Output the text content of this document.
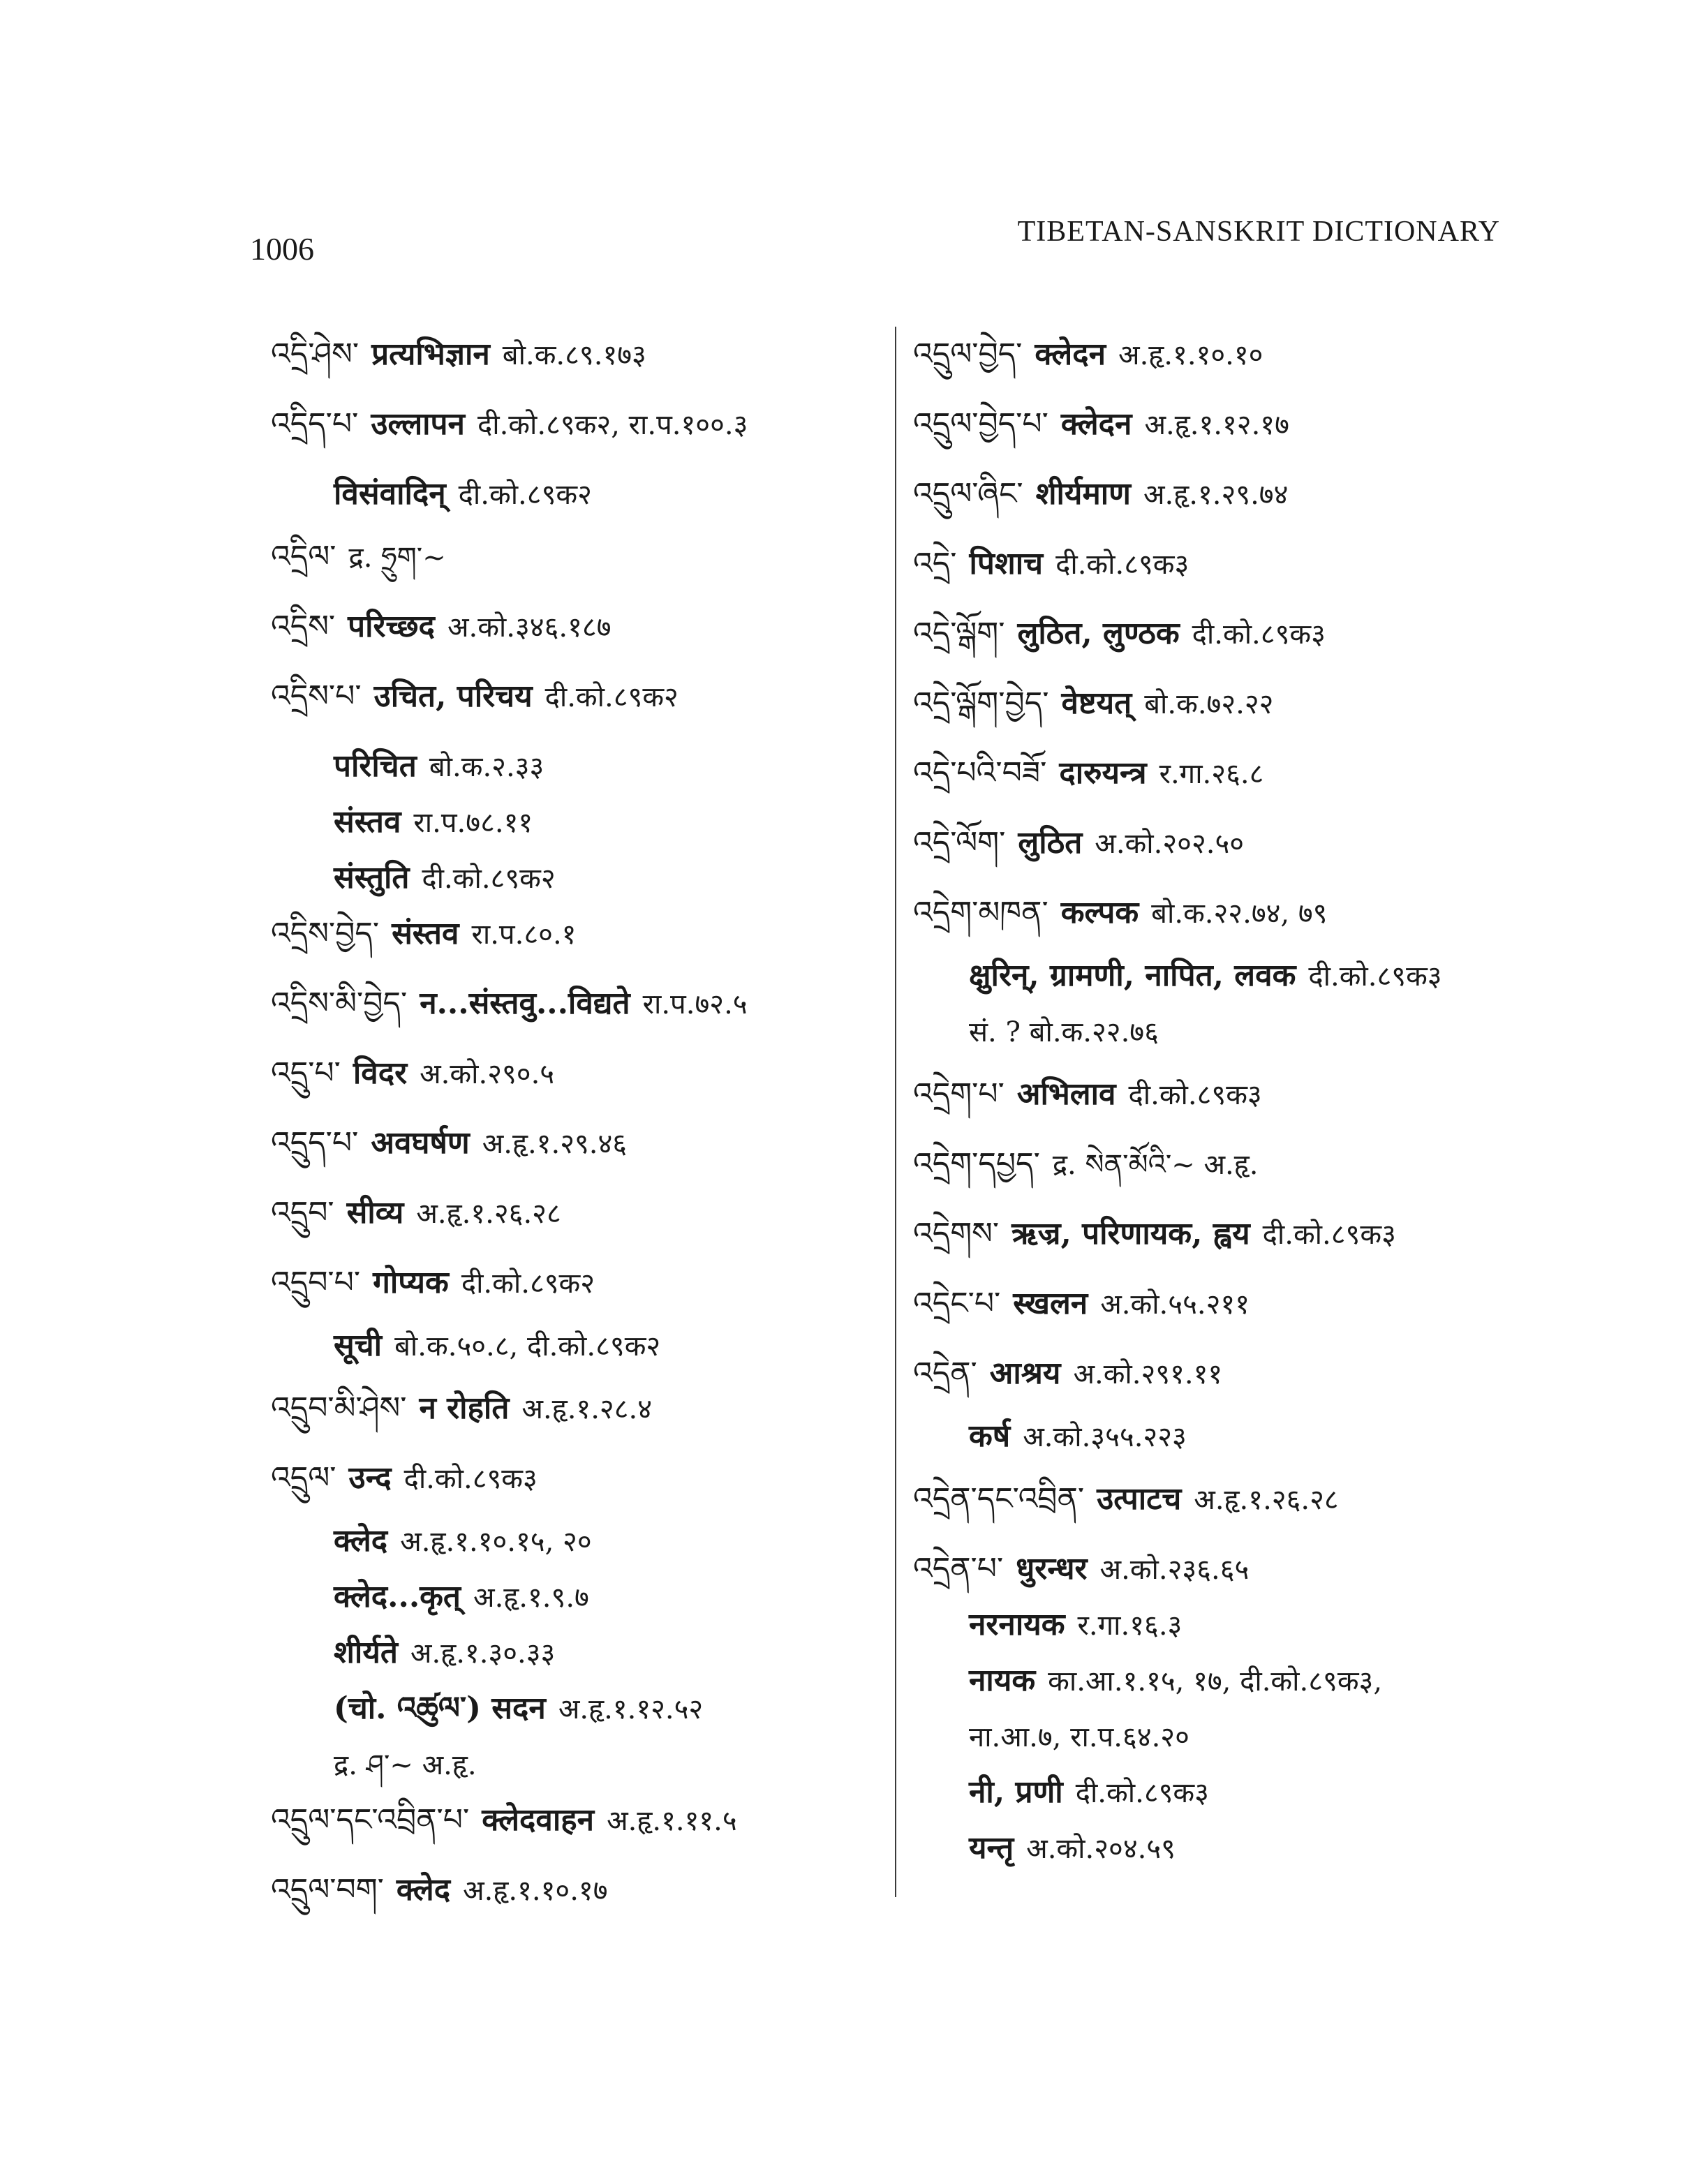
1006	TIBETAN-SANSKRIT DICTIONARY
འདྲི་ཤེས་ प्रत्यभिज्ञान बो.क.८९.१७३
འདྲིད་པ་ उल्लापन दी.को.८९क२, रा.प.१००.३
विसंवादिन् दी.को.८९क२
འདྲིལ་ द्र. ཧྲུག་~
འདྲིས་ परिच्छद अ.को.३४६.१८७
འདྲིས་པ་ उचित, परिचय दी.को.८९क२
परिचित बो.क.२.३३
संस्तव रा.प.७८.११
संस्तुति दी.को.८९क२
འདྲིས་བྱེད་ संस्तव रा.प.८०.१
འདྲིས་མི་བྱེད་ न...संस्तवु...विद्यते रा.प.७२.५
འདྲུ་པ་ विदर अ.को.२९०.५
འདྲུད་པ་ अवघर्षण अ.हृ.१.२९.४६
འདྲུབ་ सीव्य अ.हृ.१.२६.२८
འདྲུབ་པ་ गोप्यक दी.को.८९क२
सूची बो.क.५०.८, दी.को.८९क२
འདྲུབ་མི་ཤེས་ न रोहति अ.हृ.१.२८.४
འདྲུལ་ उन्द दी.को.८९क३
क्लेद अ.हृ.१.१०.१५, २०
क्लेद...कृत् अ.हृ.१.९.७
शीर्यते अ.हृ.१.३०.३३
(चो. འཚུལ་) सदन अ.हृ.१.१२.५२
द्र. ཤ་~ अ.हृ.
འདྲུལ་དང་འབྲིན་པ་ क्लेदवाहन अ.हृ.१.११.५
འདྲུལ་བག་ क्लेद अ.हृ.१.१०.१७
འདྲུལ་བྱེད་ क्लेदन अ.हृ.१.१०.१०
འདྲུལ་བྱེད་པ་ क्लेदन अ.हृ.१.१२.१७
འདྲུལ་ཞིང་ शीर्यमाण अ.हृ.१.२९.७४
འདྲེ་ पिशाच दी.को.८९क३
འདྲེ་ལྒོག་ लुठित, लुण्ठक दी.को.८९क३
འདྲེ་ལྒོག་བྱེད་ वेष्टयत् बो.क.७२.२२
འདྲེ་པའི་བཟོ་ दारुयन्त्र र.गा.२६.८
འདྲེ་ལོག་ लुठित अ.को.२०२.५०
འདྲེག་མཁན་ कल्पक बो.क.२२.७४, ७९
क्षुरिन्, ग्रामणी, नापित, लवक दी.को.८९क३
सं. ? बो.क.२२.७६
འདྲེག་པ་ अभिलाव दी.को.८९क३
འདྲེག་དཔྱད་ द्र. སེན་མོའི་~ अ.हृ.
འདྲེགས་ ऋज्र, परिणायक, ह्वय दी.को.८९क३
འདྲེང་པ་ स्खलन अ.को.५५.२११
འདྲེན་ आश्रय अ.को.२९१.११
कर्ष अ.को.३५५.२२३
འདྲེན་དང་འབྲིན་ उत्पाटच अ.हृ.१.२६.२८
འདྲེན་པ་ धुरन्धर अ.को.२३६.६५
नरनायक र.गा.१६.३
नायक का.आ.१.१५, १७, दी.को.८९क३,
ना.आ.७, रा.प.६४.२०
नी, प्रणी दी.को.८९क३
यन्तृ अ.को.२०४.५९
